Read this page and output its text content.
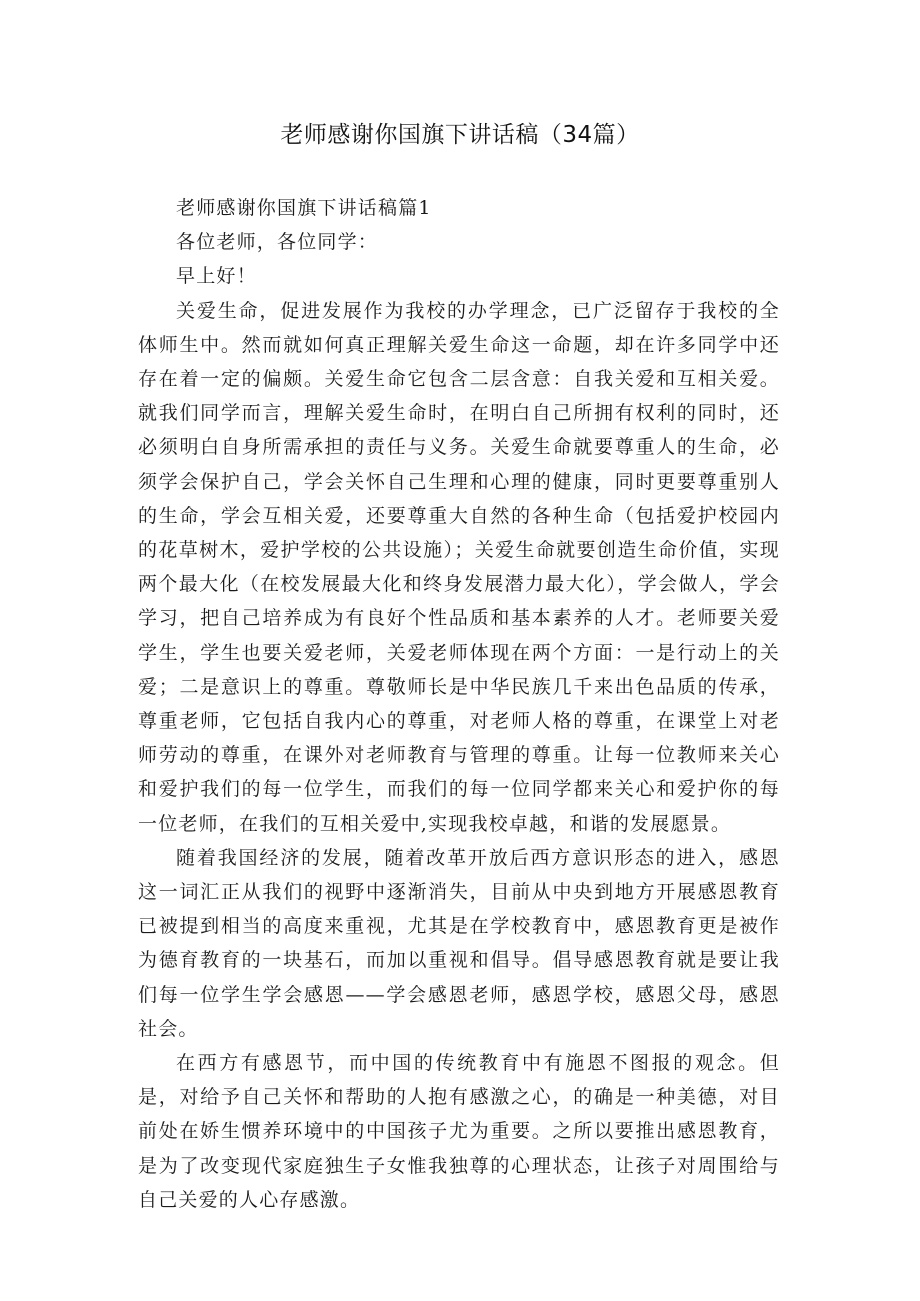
老师感谢你国旗下讲话稿（34篇）

老师感谢你国旗下讲话稿篇1

各位老师，各位同学：

早上好！

关爱生命，促进发展作为我校的办学理念，已广泛留存于我校的全体师生中。然而就如何真正理解关爱生命这一命题，却在许多同学中还存在着一定的偏颇。关爱生命它包含二层含意：自我关爱和互相关爱。就我们同学而言，理解关爱生命时，在明白自己所拥有权利的同时，还必须明白自身所需承担的责任与义务。关爱生命就要尊重人的生命，必须学会保护自己，学会关怀自己生理和心理的健康，同时更要尊重别人的生命，学会互相关爱，还要尊重大自然的各种生命（包括爱护校园内的花草树木，爱护学校的公共设施）；关爱生命就要创造生命价值，实现两个最大化（在校发展最大化和终身发展潜力最大化），学会做人，学会学习，把自己培养成为有良好个性品质和基本素养的人才。老师要关爱学生，学生也要关爱老师，关爱老师体现在两个方面：一是行动上的关爱；二是意识上的尊重。尊敬师长是中华民族几千来出色品质的传承，尊重老师，它包括自我内心的尊重，对老师人格的尊重，在课堂上对老师劳动的尊重，在课外对老师教育与管理的尊重。让每一位教师来关心和爱护我们的每一位学生，而我们的每一位同学都来关心和爱护你的每一位老师，在我们的互相关爱中,实现我校卓越，和谐的发展愿景。

随着我国经济的发展，随着改革开放后西方意识形态的进入，感恩这一词汇正从我们的视野中逐渐消失，目前从中央到地方开展感恩教育已被提到相当的高度来重视，尤其是在学校教育中，感恩教育更是被作为德育教育的一块基石，而加以重视和倡导。倡导感恩教育就是要让我们每一位学生学会感恩——学会感恩老师，感恩学校，感恩父母，感恩社会。

在西方有感恩节，而中国的传统教育中有施恩不图报的观念。但是，对给予自己关怀和帮助的人抱有感激之心，的确是一种美德，对目前处在娇生惯养环境中的中国孩子尤为重要。之所以要推出感恩教育，是为了改变现代家庭独生子女惟我独尊的心理状态，让孩子对周围给与自己关爱的人心存感激。
